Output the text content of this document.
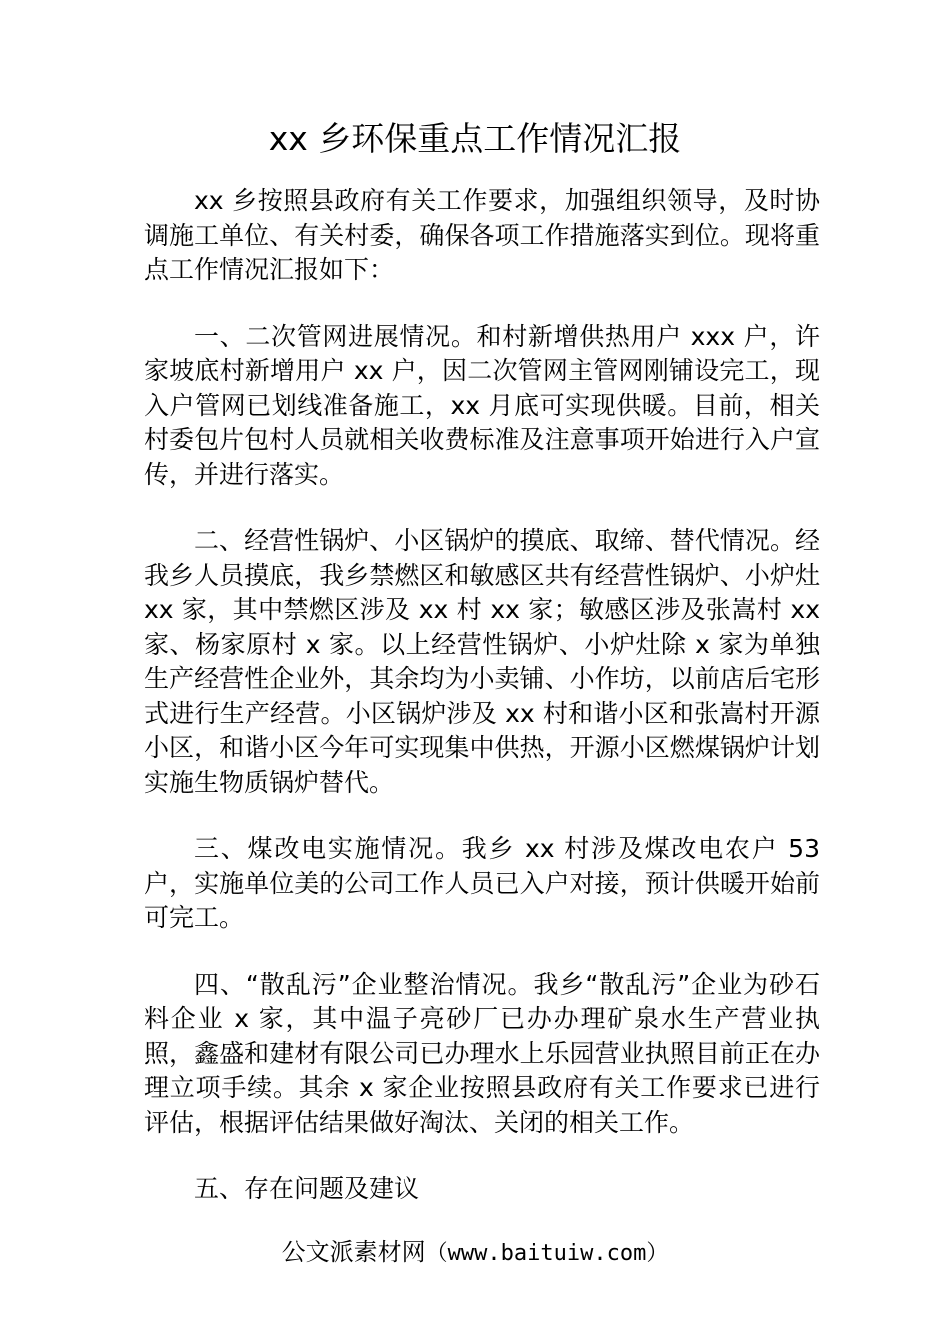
xx 乡环保重点工作情况汇报

xx 乡按照县政府有关工作要求，加强组织领导，及时协调施工单位、有关村委，确保各项工作措施落实到位。现将重点工作情况汇报如下：

一、二次管网进展情况。和村新增供热用户 xxx 户，许家坡底村新增用户 xx 户，因二次管网主管网刚铺设完工，现入户管网已划线准备施工，xx 月底可实现供暖。目前，相关村委包片包村人员就相关收费标准及注意事项开始进行入户宣传，并进行落实。

二、经营性锅炉、小区锅炉的摸底、取缔、替代情况。经我乡人员摸底，我乡禁燃区和敏感区共有经营性锅炉、小炉灶 xx 家，其中禁燃区涉及 xx 村 xx 家；敏感区涉及张嵩村 xx 家、杨家原村 x 家。以上经营性锅炉、小炉灶除 x 家为单独生产经营性企业外，其余均为小卖铺、小作坊，以前店后宅形式进行生产经营。小区锅炉涉及 xx 村和谐小区和张嵩村开源小区，和谐小区今年可实现集中供热，开源小区燃煤锅炉计划实施生物质锅炉替代。

三、煤改电实施情况。我乡 xx 村涉及煤改电农户 53 户，实施单位美的公司工作人员已入户对接，预计供暖开始前可完工。

四、“散乱污”企业整治情况。我乡“散乱污”企业为砂石料企业 x 家，其中温子亮砂厂已办办理矿泉水生产营业执照，鑫盛和建材有限公司已办理水上乐园营业执照目前正在办理立项手续。其余 x 家企业按照县政府有关工作要求已进行评估，根据评估结果做好淘汰、关闭的相关工作。

五、存在问题及建议

公文派素材网（www.baituiw.com）
